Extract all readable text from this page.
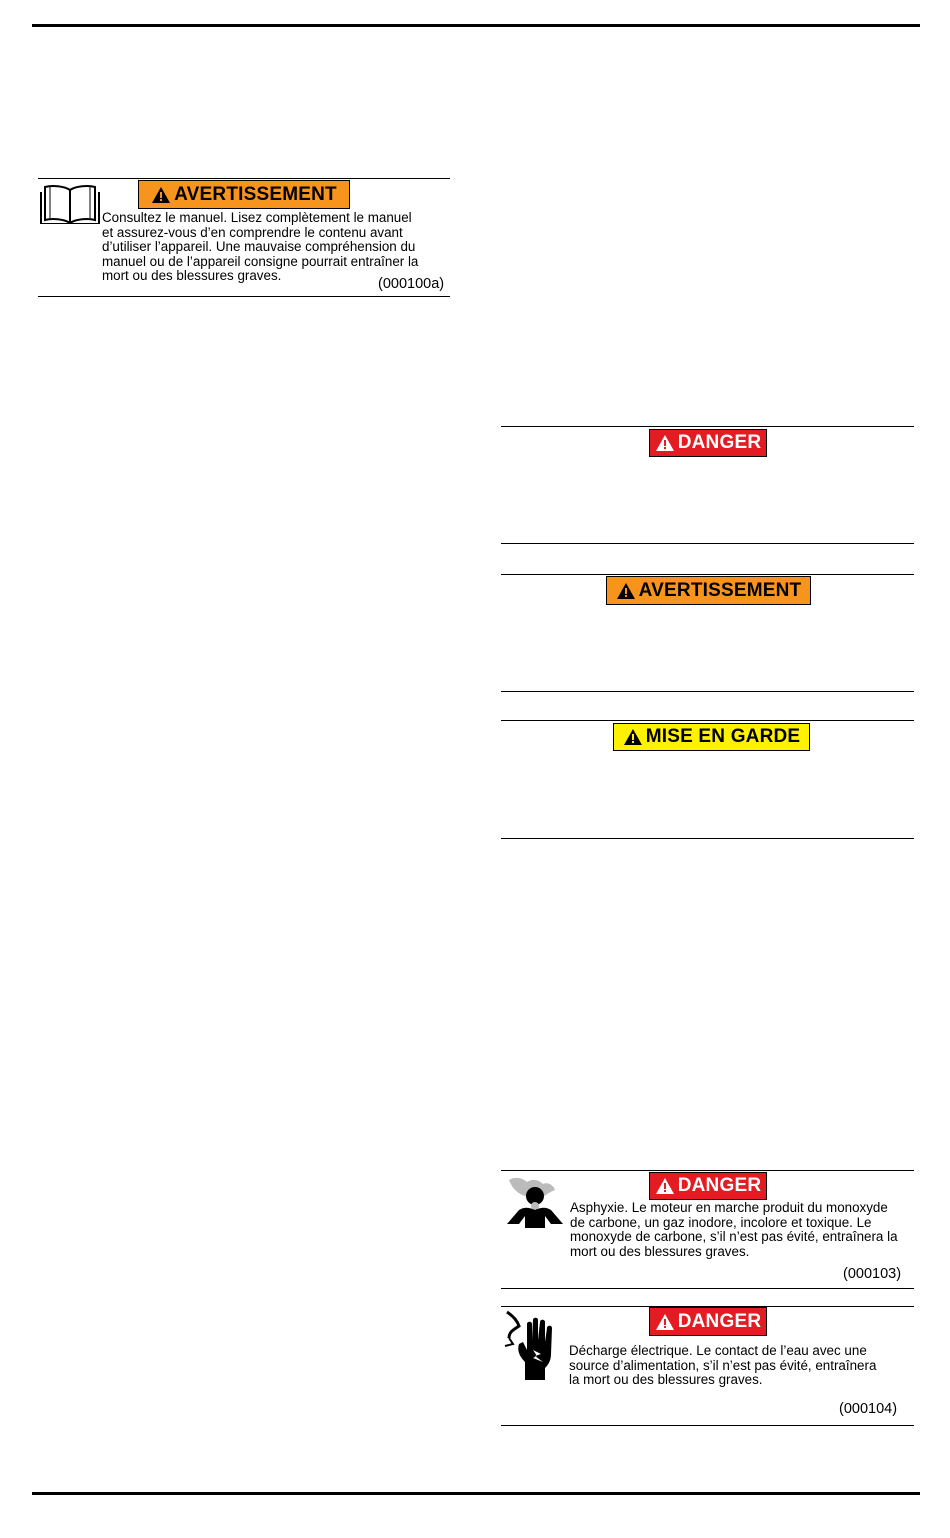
AVERTISSEMENT
Consultez le manuel. Lisez complètement le manuel et assurez-vous d’en comprendre le contenu avant d’utiliser l’appareil. Une mauvaise compréhension du manuel ou de l’appareil consigne pourrait entraîner la mort ou des blessures graves.
(000100a)
DANGER
AVERTISSEMENT
MISE EN GARDE
DANGER
Asphyxie. Le moteur en marche produit du monoxyde de carbone, un gaz inodore, incolore et toxique. Le monoxyde de carbone, s’il n’est pas évité, entraînera la mort ou des blessures graves.
(000103)
DANGER
Décharge électrique. Le contact de l’eau avec une source d’alimentation, s’il n’est pas évité, entraînera la mort ou des blessures graves.
(000104)
